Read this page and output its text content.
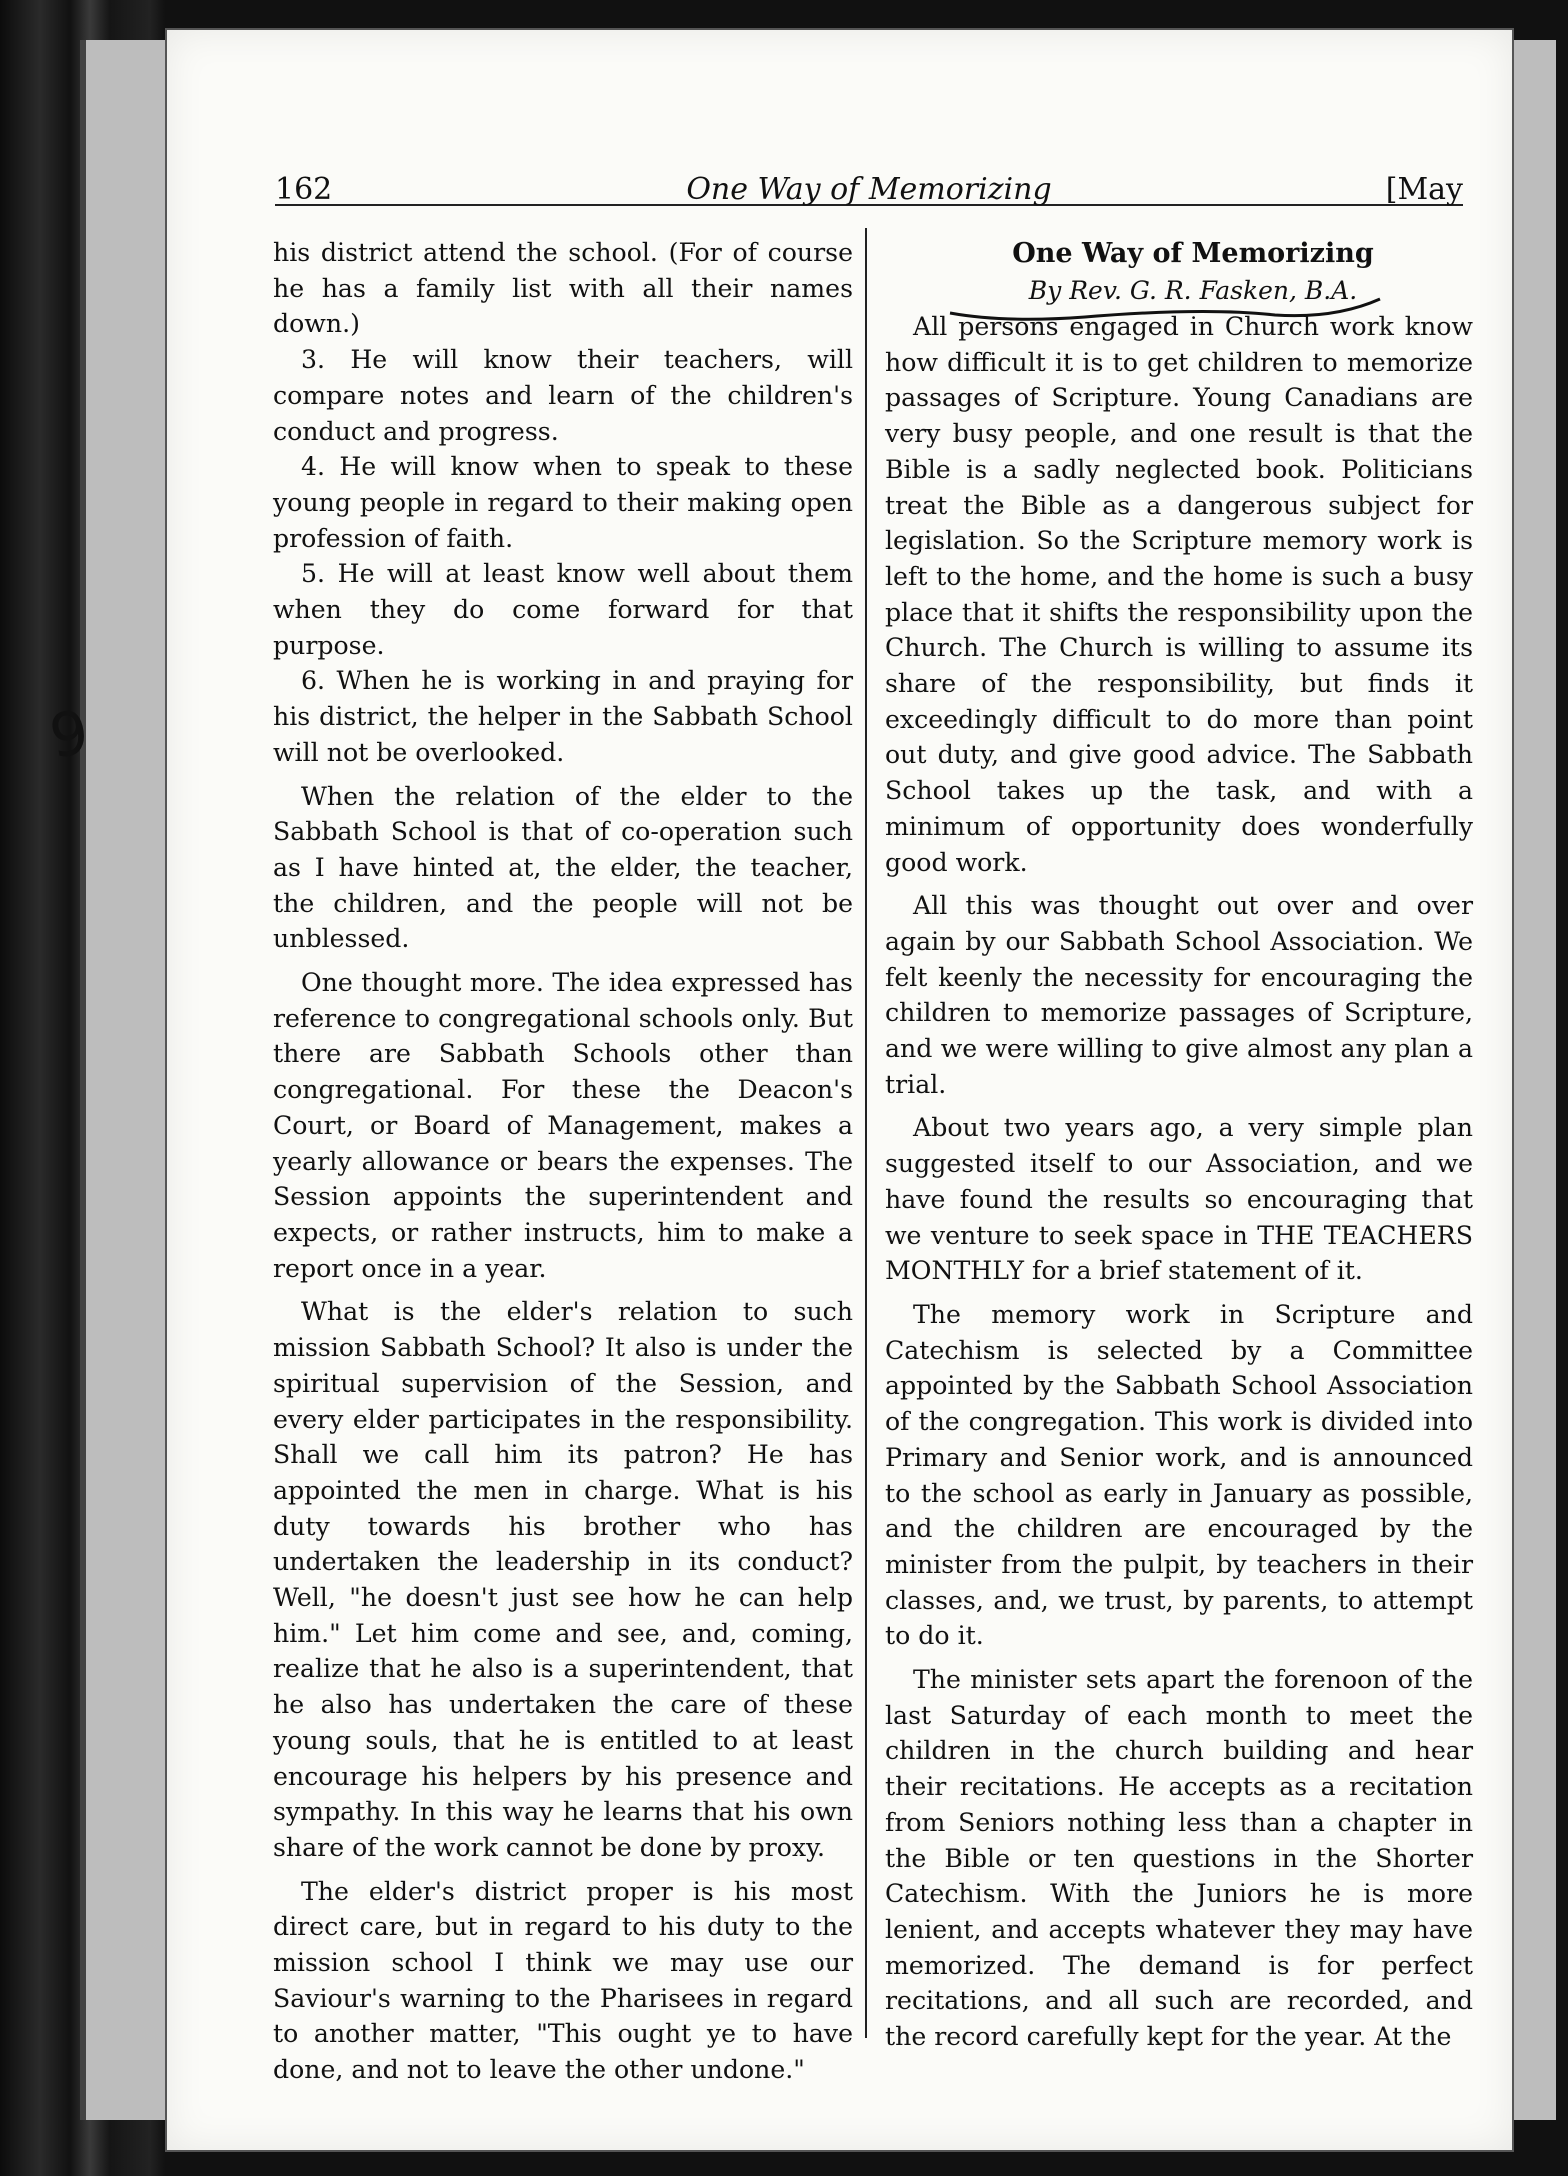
162	One Way of Memorizing	[May

his district attend the school. (For of course he has a family list with all their names down.)

3. He will know their teachers, will compare notes and learn of the children's conduct and progress.

4. He will know when to speak to these young people in regard to their making open profession of faith.

5. He will at least know well about them when they do come forward for that purpose.

6. When he is working in and praying for his district, the helper in the Sabbath School will not be overlooked.

When the relation of the elder to the Sabbath School is that of co-operation such as I have hinted at, the elder, the teacher, the children, and the people will not be unblessed.

One thought more. The idea expressed has reference to congregational schools only. But there are Sabbath Schools other than congregational. For these the Deacon's Court, or Board of Management, makes a yearly allowance or bears the expenses. The Session appoints the superintendent and expects, or rather instructs, him to make a report once in a year.

What is the elder's relation to such mission Sabbath School? It also is under the spiritual supervision of the Session, and every elder participates in the responsibility. Shall we call him its patron? He has appointed the men in charge. What is his duty towards his brother who has undertaken the leadership in its conduct? Well, "he doesn't just see how he can help him." Let him come and see, and, coming, realize that he also is a superintendent, that he also has undertaken the care of these young souls, that he is entitled to at least encourage his helpers by his presence and sympathy. In this way he learns that his own share of the work cannot be done by proxy.

The elder's district proper is his most direct care, but in regard to his duty to the mission school I think we may use our Saviour's warning to the Pharisees in regard to another matter, "This ought ye to have done, and not to leave the other undone."

One Way of Memorizing

By Rev. G. R. Fasken, B.A.

All persons engaged in Church work know how difficult it is to get children to memorize passages of Scripture. Young Canadians are very busy people, and one result is that the Bible is a sadly neglected book. Politicians treat the Bible as a dangerous subject for legislation. So the Scripture memory work is left to the home, and the home is such a busy place that it shifts the responsibility upon the Church. The Church is willing to assume its share of the responsibility, but finds it exceedingly difficult to do more than point out duty, and give good advice. The Sabbath School takes up the task, and with a minimum of opportunity does wonderfully good work.

All this was thought out over and over again by our Sabbath School Association. We felt keenly the necessity for encouraging the children to memorize passages of Scripture, and we were willing to give almost any plan a trial.

About two years ago, a very simple plan suggested itself to our Association, and we have found the results so encouraging that we venture to seek space in THE TEACHERS MONTHLY for a brief statement of it.

The memory work in Scripture and Catechism is selected by a Committee appointed by the Sabbath School Association of the congregation. This work is divided into Primary and Senior work, and is announced to the school as early in January as possible, and the children are encouraged by the minister from the pulpit, by teachers in their classes, and, we trust, by parents, to attempt to do it.

The minister sets apart the forenoon of the last Saturday of each month to meet the children in the church building and hear their recitations. He accepts as a recitation from Seniors nothing less than a chapter in the Bible or ten questions in the Shorter Catechism. With the Juniors he is more lenient, and accepts whatever they may have memorized. The demand is for perfect recitations, and all such are recorded, and the record carefully kept for the year. At the

9
